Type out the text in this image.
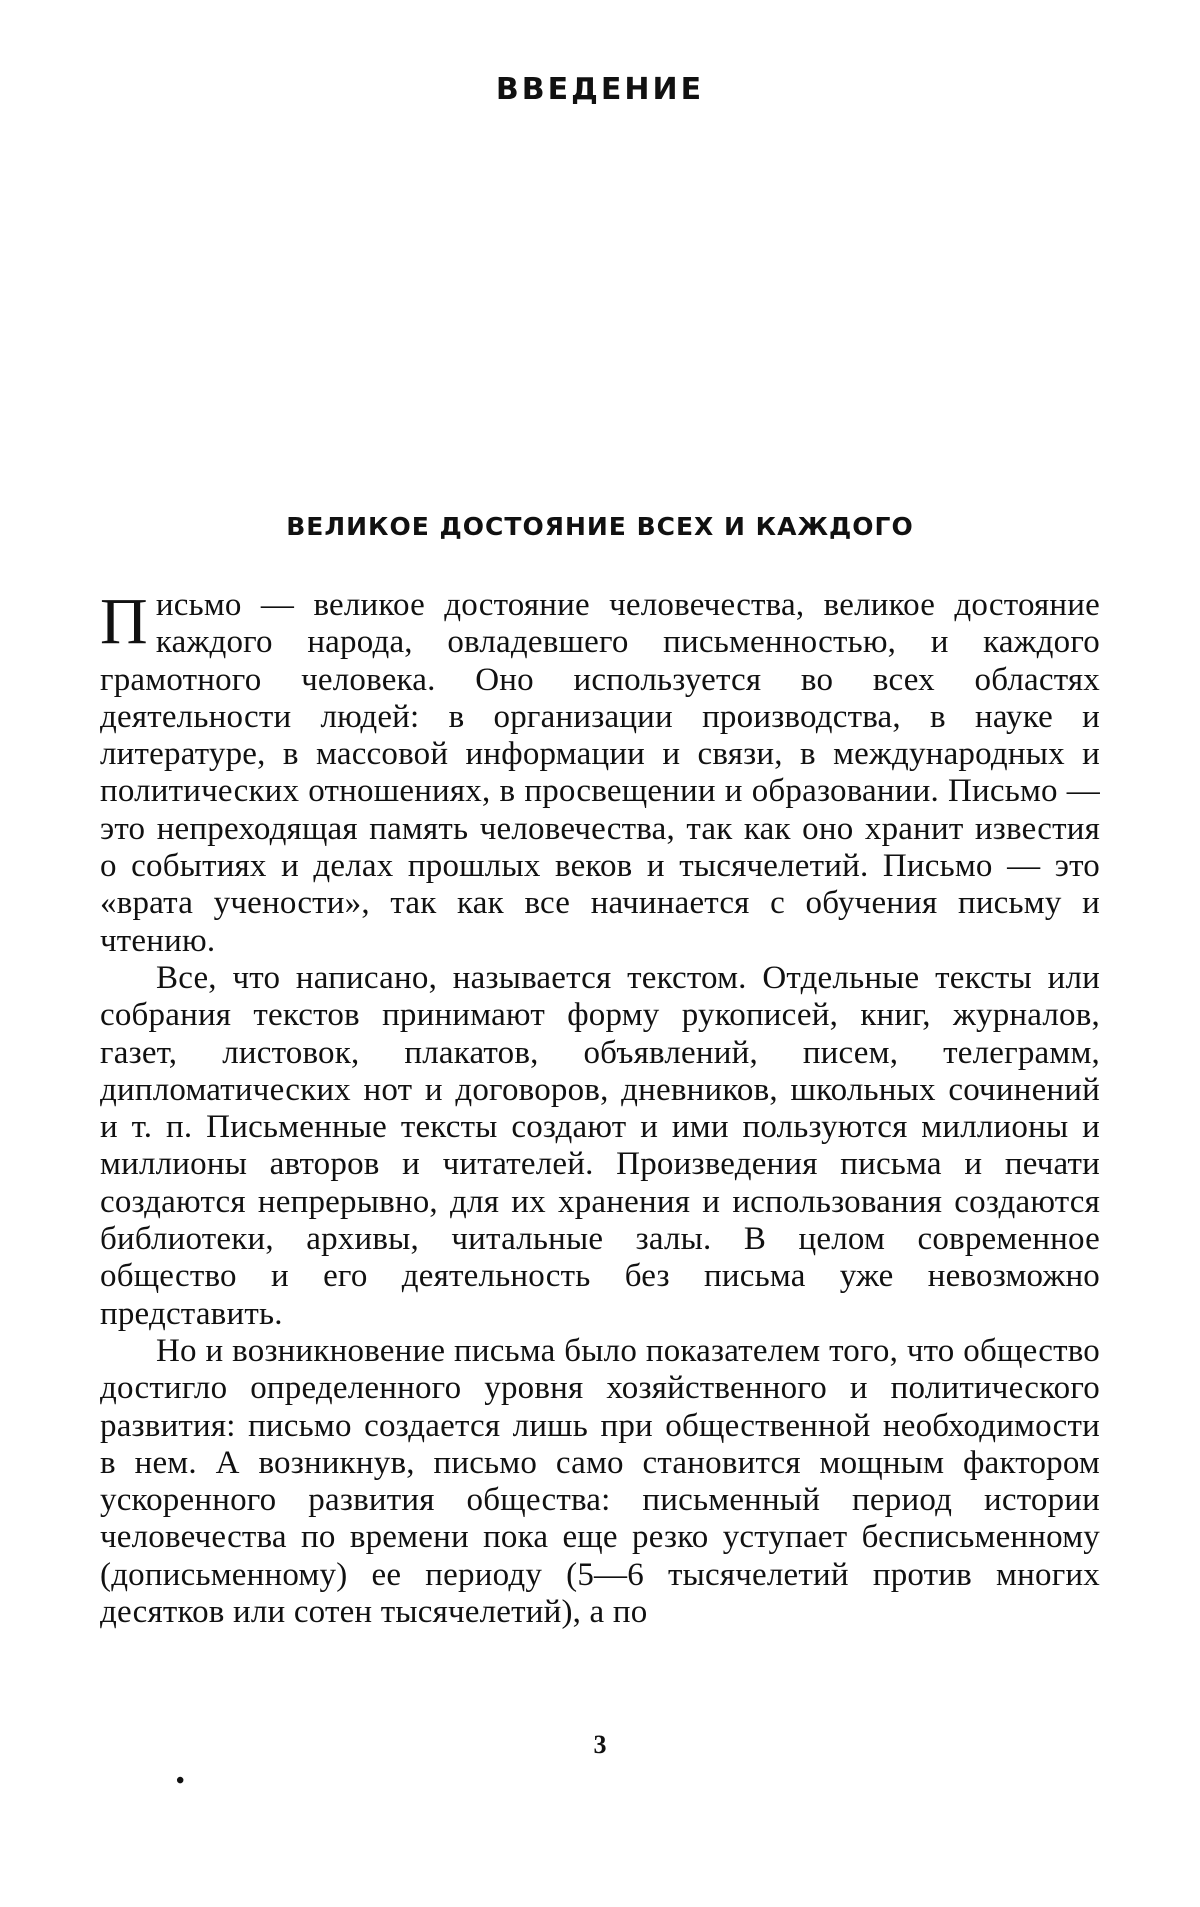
ВВЕДЕНИЕ
ВЕЛИКОЕ ДОСТОЯНИЕ ВСЕХ И КАЖДОГО

Письмо — великое достояние человечества, великое достояние каждого народа, овладевшего письменностью, и каждого грамотного человека. Оно используется во всех областях деятельности людей: в организации производства, в науке и литературе, в массовой информации и связи, в международных и политических отношениях, в просвещении и образовании. Письмо — это непреходящая память человечества, так как оно хранит известия о событиях и делах прошлых веков и тысячелетий. Письмо — это «врата учености», так как все начинается с обучения письму и чтению.

Все, что написано, называется текстом. Отдельные тексты или собрания текстов принимают форму рукописей, книг, журналов, газет, листовок, плакатов, объявлений, писем, телеграмм, дипломатических нот и договоров, дневников, школьных сочинений и т. п. Письменные тексты создают и ими пользуются миллионы и миллионы авторов и читателей. Произведения письма и печати создаются непрерывно, для их хранения и использования создаются библиотеки, архивы, читальные залы. В целом современное общество и его деятельность без письма уже невозможно представить.

Но и возникновение письма было показателем того, что общество достигло определенного уровня хозяйственного и политического развития: письмо создается лишь при общественной необходимости в нем. А возникнув, письмо само становится мощным фактором ускоренного развития общества: письменный период истории человечества по времени пока еще резко уступает бесписьменному (дописьменному) ее периоду (5—6 тысячелетий против многих десятков или сотен тысячелетий), а по

3
•
